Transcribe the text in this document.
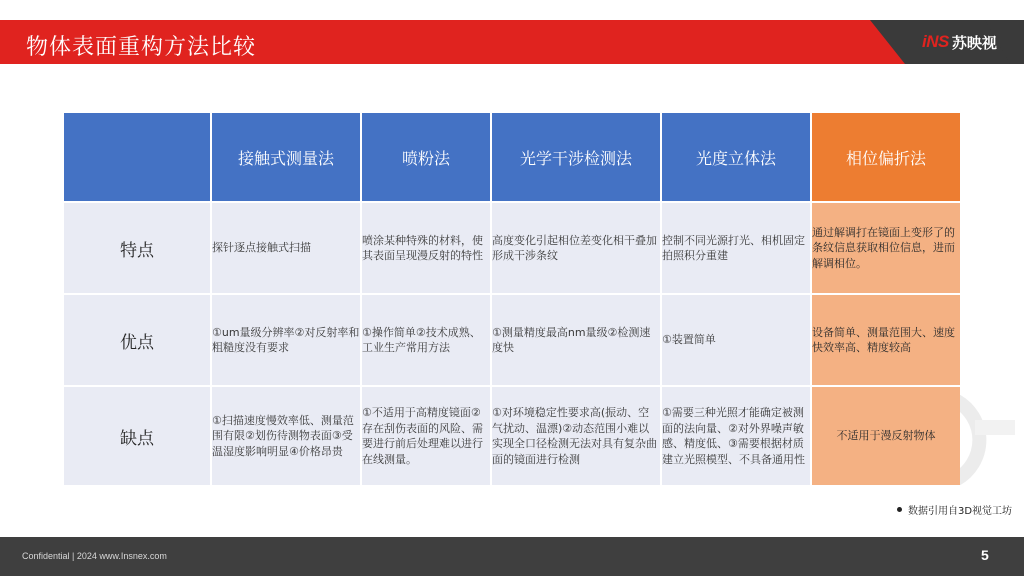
物体表面重构方法比较	iNS 苏映视
	接触式测量法	喷粉法	光学干涉检测法	光度立体法	相位偏折法
特点	探针逐点接触式扫描	喷涂某种特殊的材料，使其表面呈现漫反射的特性	高度变化引起相位差变化相干叠加形成干涉条纹	控制不同光源打光、相机固定拍照积分重建	通过解调打在镜面上变形了的条纹信息获取相位信息，进而解调相位。
优点	①um量级分辨率②对反射率和粗糙度没有要求	①操作简单②技术成熟、工业生产常用方法	①测量精度最高nm量级②检测速度快	①装置简单	设备简单、测量范围大、速度快效率高、精度较高
缺点	①扫描速度慢效率低、测量范围有限②划伤待测物表面③受温湿度影响明显④价格昂贵	①不适用于高精度镜面②存在刮伤表面的风险、需要进行前后处理难以进行在线测量。	①对环境稳定性要求高(振动、空气扰动、温漂)②动态范围小难以实现全口径检测无法对具有复杂曲面的镜面进行检测	①需要三种光照才能确定被测面的法向量、②对外界噪声敏感、精度低、③需要根据材质建立光照模型、不具备通用性	不适用于漫反射物体
数据引用自3D视觉工坊
Confidential | 2024 www.Insnex.com	5
